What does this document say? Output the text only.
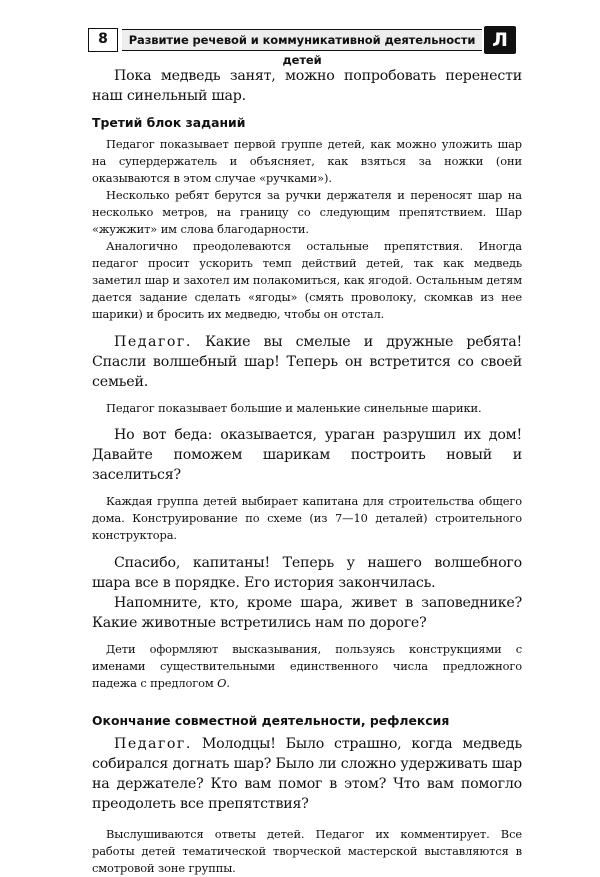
8	Развитие речевой и коммуникативной деятельности детей
Л

Пока медведь занят, можно попробовать перенести наш синельный шар.

Третий блок заданий

Педагог показывает первой группе детей, как можно уложить шар на супердержатель и объясняет, как взяться за ножки (они оказываются в этом случае «ручками»).

Несколько ребят берутся за ручки держателя и переносят шар на несколько метров, на границу со следующим препятствием. Шар «жужжит» им слова благодарности.

Аналогично преодолеваются остальные препятствия. Иногда педагог просит ускорить темп действий детей, так как медведь заметил шар и захотел им полакомиться, как ягодой. Остальным детям дается задание сделать «ягоды» (смять проволоку, скомкав из нее шарики) и бросить их медведю, чтобы он отстал.

Педагог. Какие вы смелые и дружные ребята! Спасли волшебный шар! Теперь он встретится со своей семьей.

Педагог показывает большие и маленькие синельные шарики.

Но вот беда: оказывается, ураган разрушил их дом! Давайте поможем шарикам построить новый и заселиться?

Каждая группа детей выбирает капитана для строительства общего дома. Конструирование по схеме (из 7—10 деталей) строительного конструктора.

Спасибо, капитаны! Теперь у нашего волшебного шара все в порядке. Его история закончилась.

Напомните, кто, кроме шара, живет в заповеднике? Какие животные встретились нам по дороге?

Дети оформляют высказывания, пользуясь конструкциями с именами существительными единственного числа предложного падежа с предлогом О.

Окончание совместной деятельности, рефлексия

Педагог. Молодцы! Было страшно, когда медведь собирался догнать шар? Было ли сложно удерживать шар на держателе? Кто вам помог в этом? Что вам помогло преодолеть все препятствия?

Выслушиваются ответы детей. Педагог их комментирует. Все работы детей тематической творческой мастерской выставляются в смотровой зоне группы.
